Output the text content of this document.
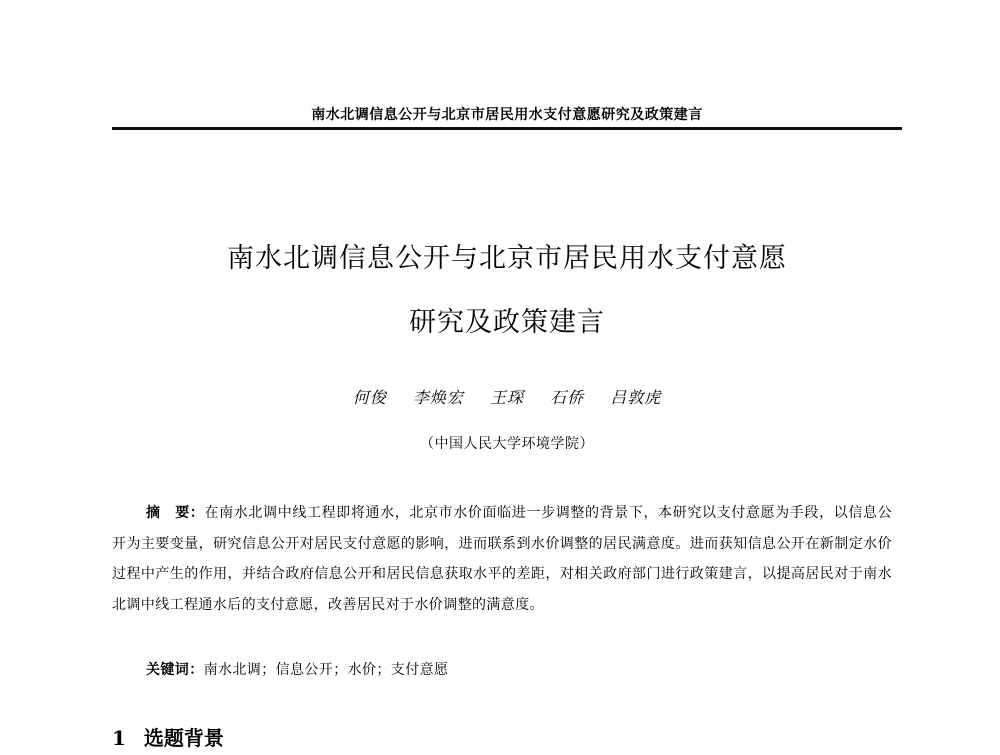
南水北调信息公开与北京市居民用水支付意愿研究及政策建言
南水北调信息公开与北京市居民用水支付意愿
研究及政策建言
何俊 李焕宏 王琛 石侨 吕敦虎
（中国人民大学环境学院）
摘　要：在南水北调中线工程即将通水，北京市水价面临进一步调整的背景下，本研究以支付意愿为手段，以信息公开为主要变量，研究信息公开对居民支付意愿的影响，进而联系到水价调整的居民满意度。进而获知信息公开在新制定水价过程中产生的作用，并结合政府信息公开和居民信息获取水平的差距，对相关政府部门进行政策建言，以提高居民对于南水北调中线工程通水后的支付意愿，改善居民对于水价调整的满意度。
关键词：南水北调；信息公开；水价；支付意愿
1 选题背景
